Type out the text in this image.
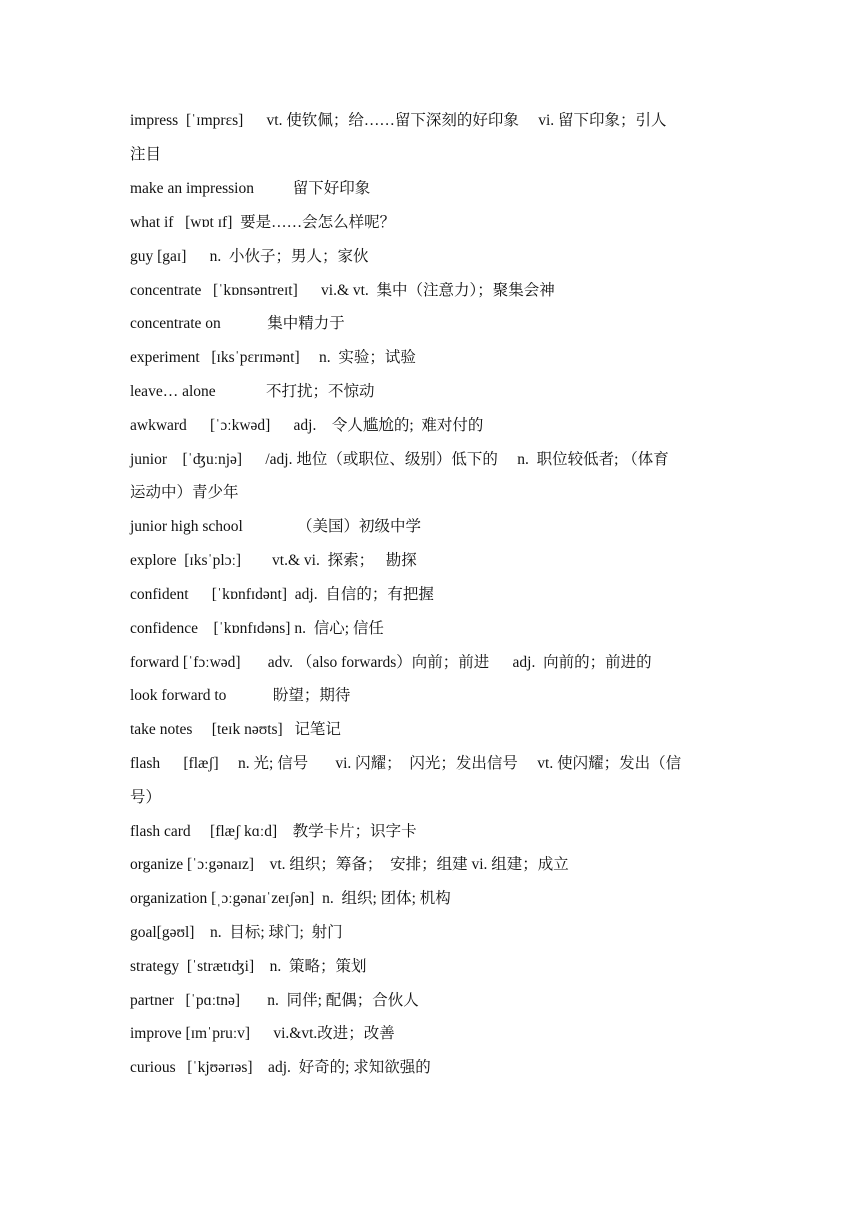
impress  [ˈɪmprɛs]      vt. 使钦佩；给……留下深刻的好印象     vi. 留下印象；引人
注目
make an impression          留下好印象
what if   [wɒt ɪf]  要是……会怎么样呢？
guy [gaɪ]      n.  小伙子；男人；家伙
concentrate   [ˈkɒnsəntreɪt]      vi.& vt.  集中（注意力）；聚集会神
concentrate on            集中精力于
experiment   [ɪksˈpɛrɪmənt]     n.  实验；试验
leave… alone             不打扰；不惊动
awkward      [ˈɔːkwəd]      adj.    令人尴尬的;  难对付的
junior    [ˈʤuːnjə]      /adj. 地位（或职位、级别）低下的     n.  职位较低者; （体育
运动中）青少年
junior high school              （美国）初级中学
explore  [ɪksˈplɔː]        vt.& vi.  探索；   勘探
confident      [ˈkɒnfɪdənt]  adj.  自信的；有把握
confidence    [ˈkɒnfɪdəns] n.  信心; 信任
forward [ˈfɔːwəd]       adv. （also forwards）向前；前进      adj.  向前的；前进的
look forward to            盼望；期待
take notes     [teɪk nəʊts]   记笔记
flash      [flæʃ]     n. 光; 信号       vi. 闪耀；  闪光；发出信号     vt. 使闪耀；发出（信
号）
flash card     [flæʃ kɑːd]    教学卡片；识字卡
organize [ˈɔːgənaɪz]    vt. 组织；筹备；  安排；组建 vi. 组建；成立
organization [ˌɔːgənaɪˈzeɪʃən]  n.  组织; 团体; 机构
goal[gəʊl]    n.  目标; 球门;  射门
strategy  [ˈstrætɪʤi]    n.  策略；策划
partner   [ˈpɑːtnə]       n.  同伴; 配偶；合伙人
improve [ɪmˈpruːv]      vi.&vt.改进；改善
curious   [ˈkjʊərɪəs]    adj.  好奇的; 求知欲强的
